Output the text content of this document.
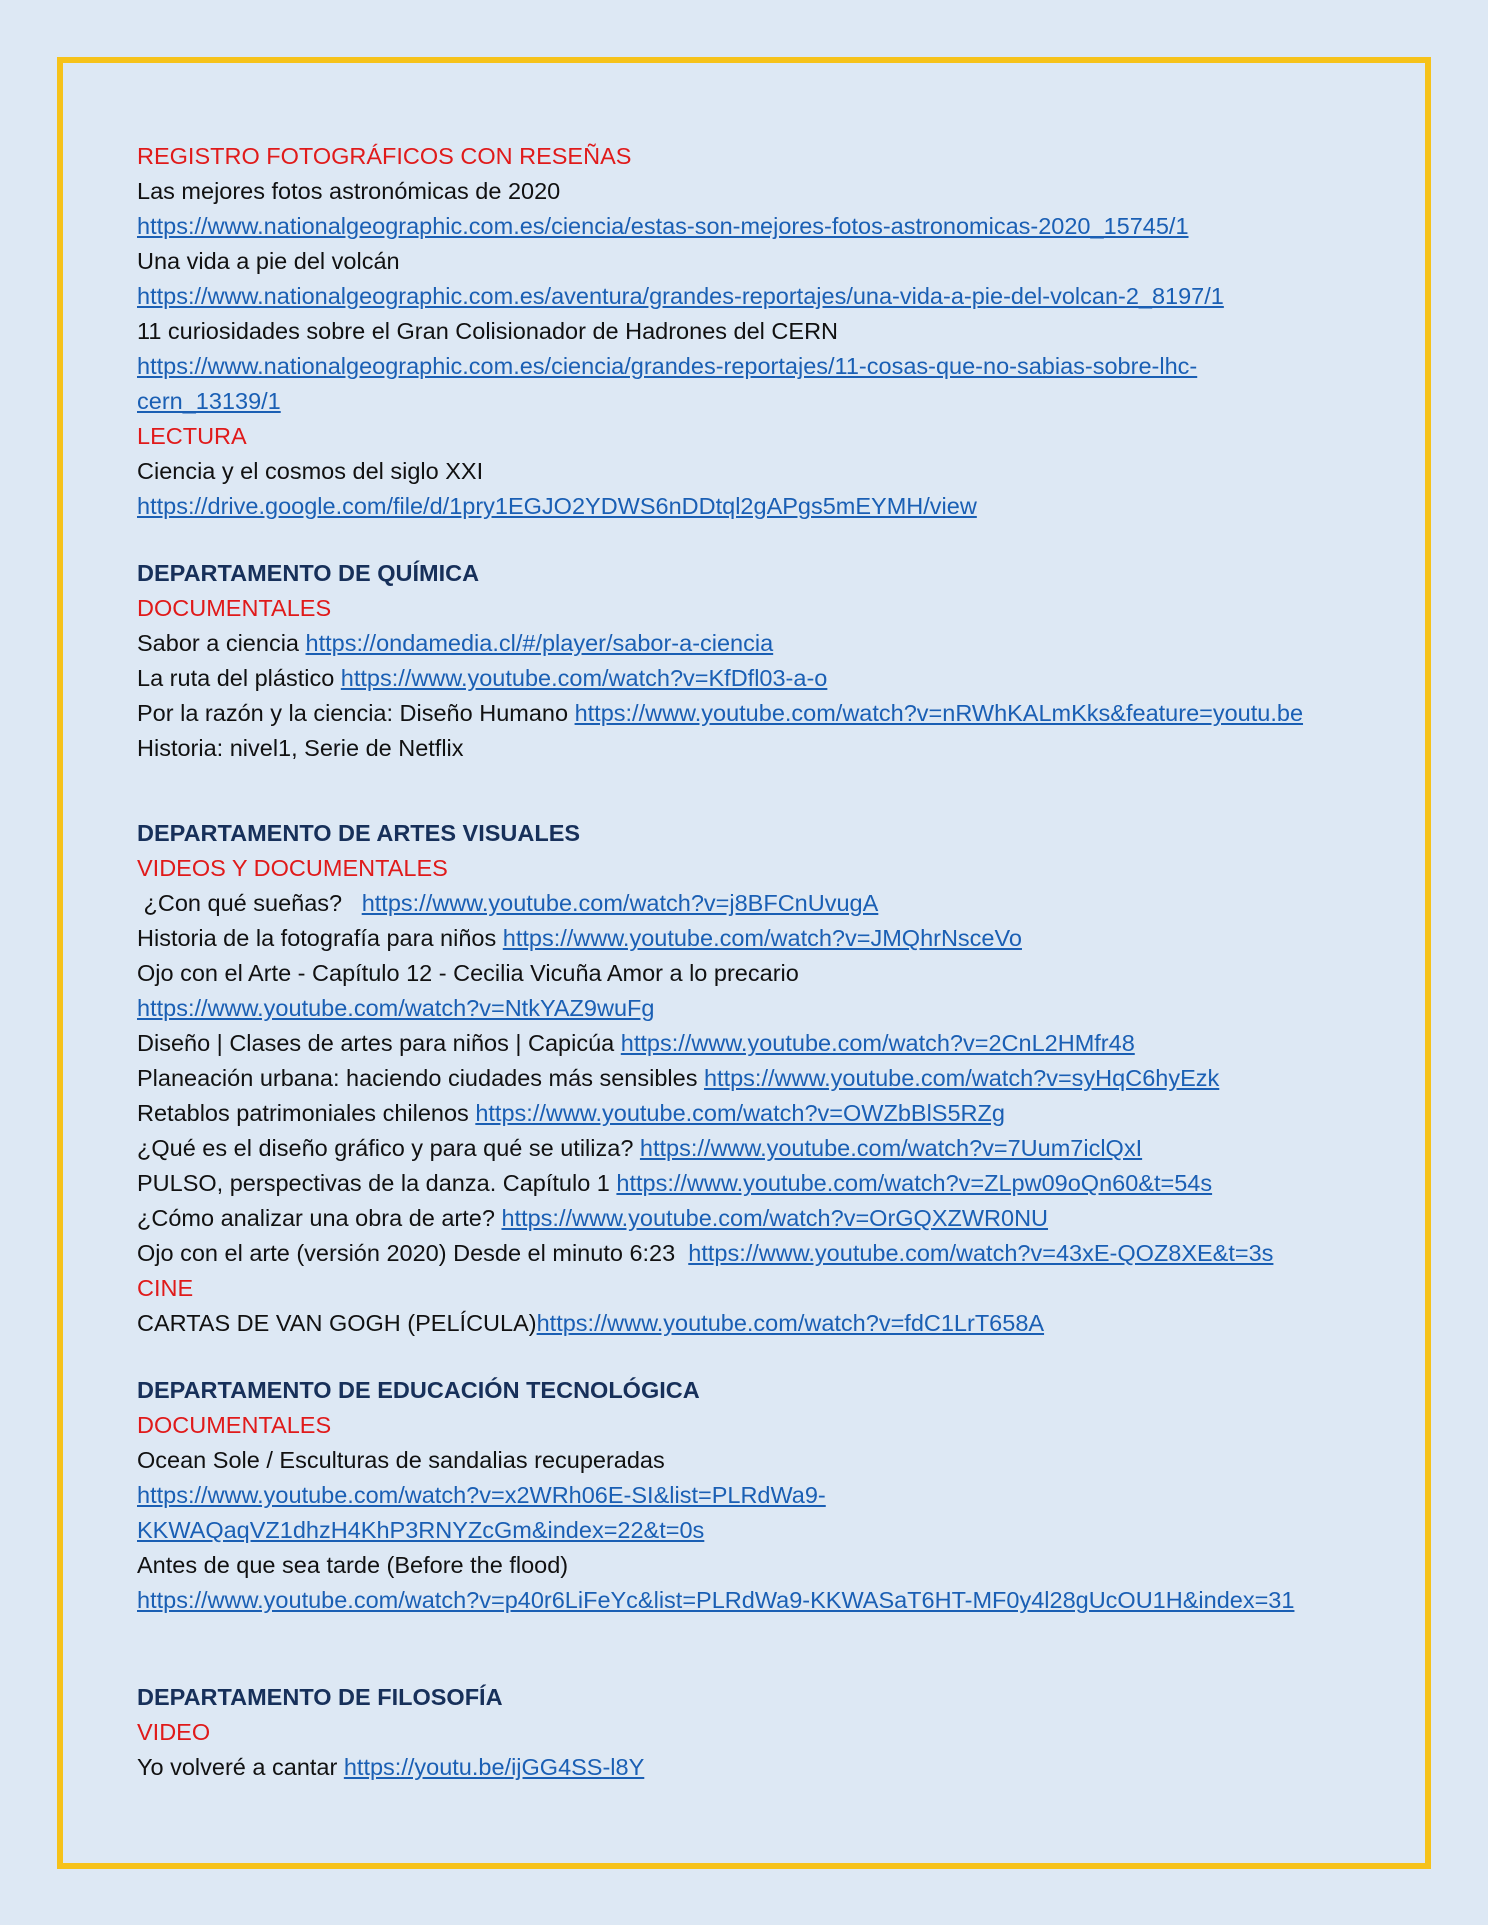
REGISTRO FOTOGRÁFICOS CON RESEÑAS
Las mejores fotos astronómicas de 2020
https://www.nationalgeographic.com.es/ciencia/estas-son-mejores-fotos-astronomicas-2020_15745/1
Una vida a pie del volcán
https://www.nationalgeographic.com.es/aventura/grandes-reportajes/una-vida-a-pie-del-volcan-2_8197/1
11 curiosidades sobre el Gran Colisionador de Hadrones del CERN
https://www.nationalgeographic.com.es/ciencia/grandes-reportajes/11-cosas-que-no-sabias-sobre-lhc-
cern_13139/1
LECTURA
Ciencia y el cosmos del siglo XXI
https://drive.google.com/file/d/1pry1EGJO2YDWS6nDDtql2gAPgs5mEYMH/view
DEPARTAMENTO DE QUÍMICA
DOCUMENTALES
Sabor a ciencia https://ondamedia.cl/#/player/sabor-a-ciencia
La ruta del plástico https://www.youtube.com/watch?v=KfDfl03-a-o
Por la razón y la ciencia: Diseño Humano https://www.youtube.com/watch?v=nRWhKALmKks&feature=youtu.be
Historia: nivel1, Serie de Netflix
DEPARTAMENTO DE ARTES VISUALES
VIDEOS Y DOCUMENTALES
¿Con qué sueñas?   https://www.youtube.com/watch?v=j8BFCnUvugA
Historia de la fotografía para niños https://www.youtube.com/watch?v=JMQhrNsceVo
Ojo con el Arte - Capítulo 12 - Cecilia Vicuña Amor a lo precario
https://www.youtube.com/watch?v=NtkYAZ9wuFg
Diseño | Clases de artes para niños | Capicúa https://www.youtube.com/watch?v=2CnL2HMfr48
Planeación urbana: haciendo ciudades más sensibles https://www.youtube.com/watch?v=syHqC6hyEzk
Retablos patrimoniales chilenos https://www.youtube.com/watch?v=OWZbBlS5RZg
¿Qué es el diseño gráfico y para qué se utiliza? https://www.youtube.com/watch?v=7Uum7iclQxI
PULSO, perspectivas de la danza. Capítulo 1 https://www.youtube.com/watch?v=ZLpw09oQn60&t=54s
¿Cómo analizar una obra de arte? https://www.youtube.com/watch?v=OrGQXZWR0NU
Ojo con el arte (versión 2020) Desde el minuto 6:23  https://www.youtube.com/watch?v=43xE-QOZ8XE&t=3s
CINE
CARTAS DE VAN GOGH (PELÍCULA)https://www.youtube.com/watch?v=fdC1LrT658A
DEPARTAMENTO DE EDUCACIÓN TECNOLÓGICA
DOCUMENTALES
Ocean Sole / Esculturas de sandalias recuperadas
https://www.youtube.com/watch?v=x2WRh06E-SI&list=PLRdWa9-
KKWAQaqVZ1dhzH4KhP3RNYZcGm&index=22&t=0s
Antes de que sea tarde (Before the flood)
https://www.youtube.com/watch?v=p40r6LiFeYc&list=PLRdWa9-KKWASaT6HT-MF0y4l28gUcOU1H&index=31
DEPARTAMENTO DE FILOSOFÍA
VIDEO
Yo volveré a cantar https://youtu.be/ijGG4SS-l8Y
